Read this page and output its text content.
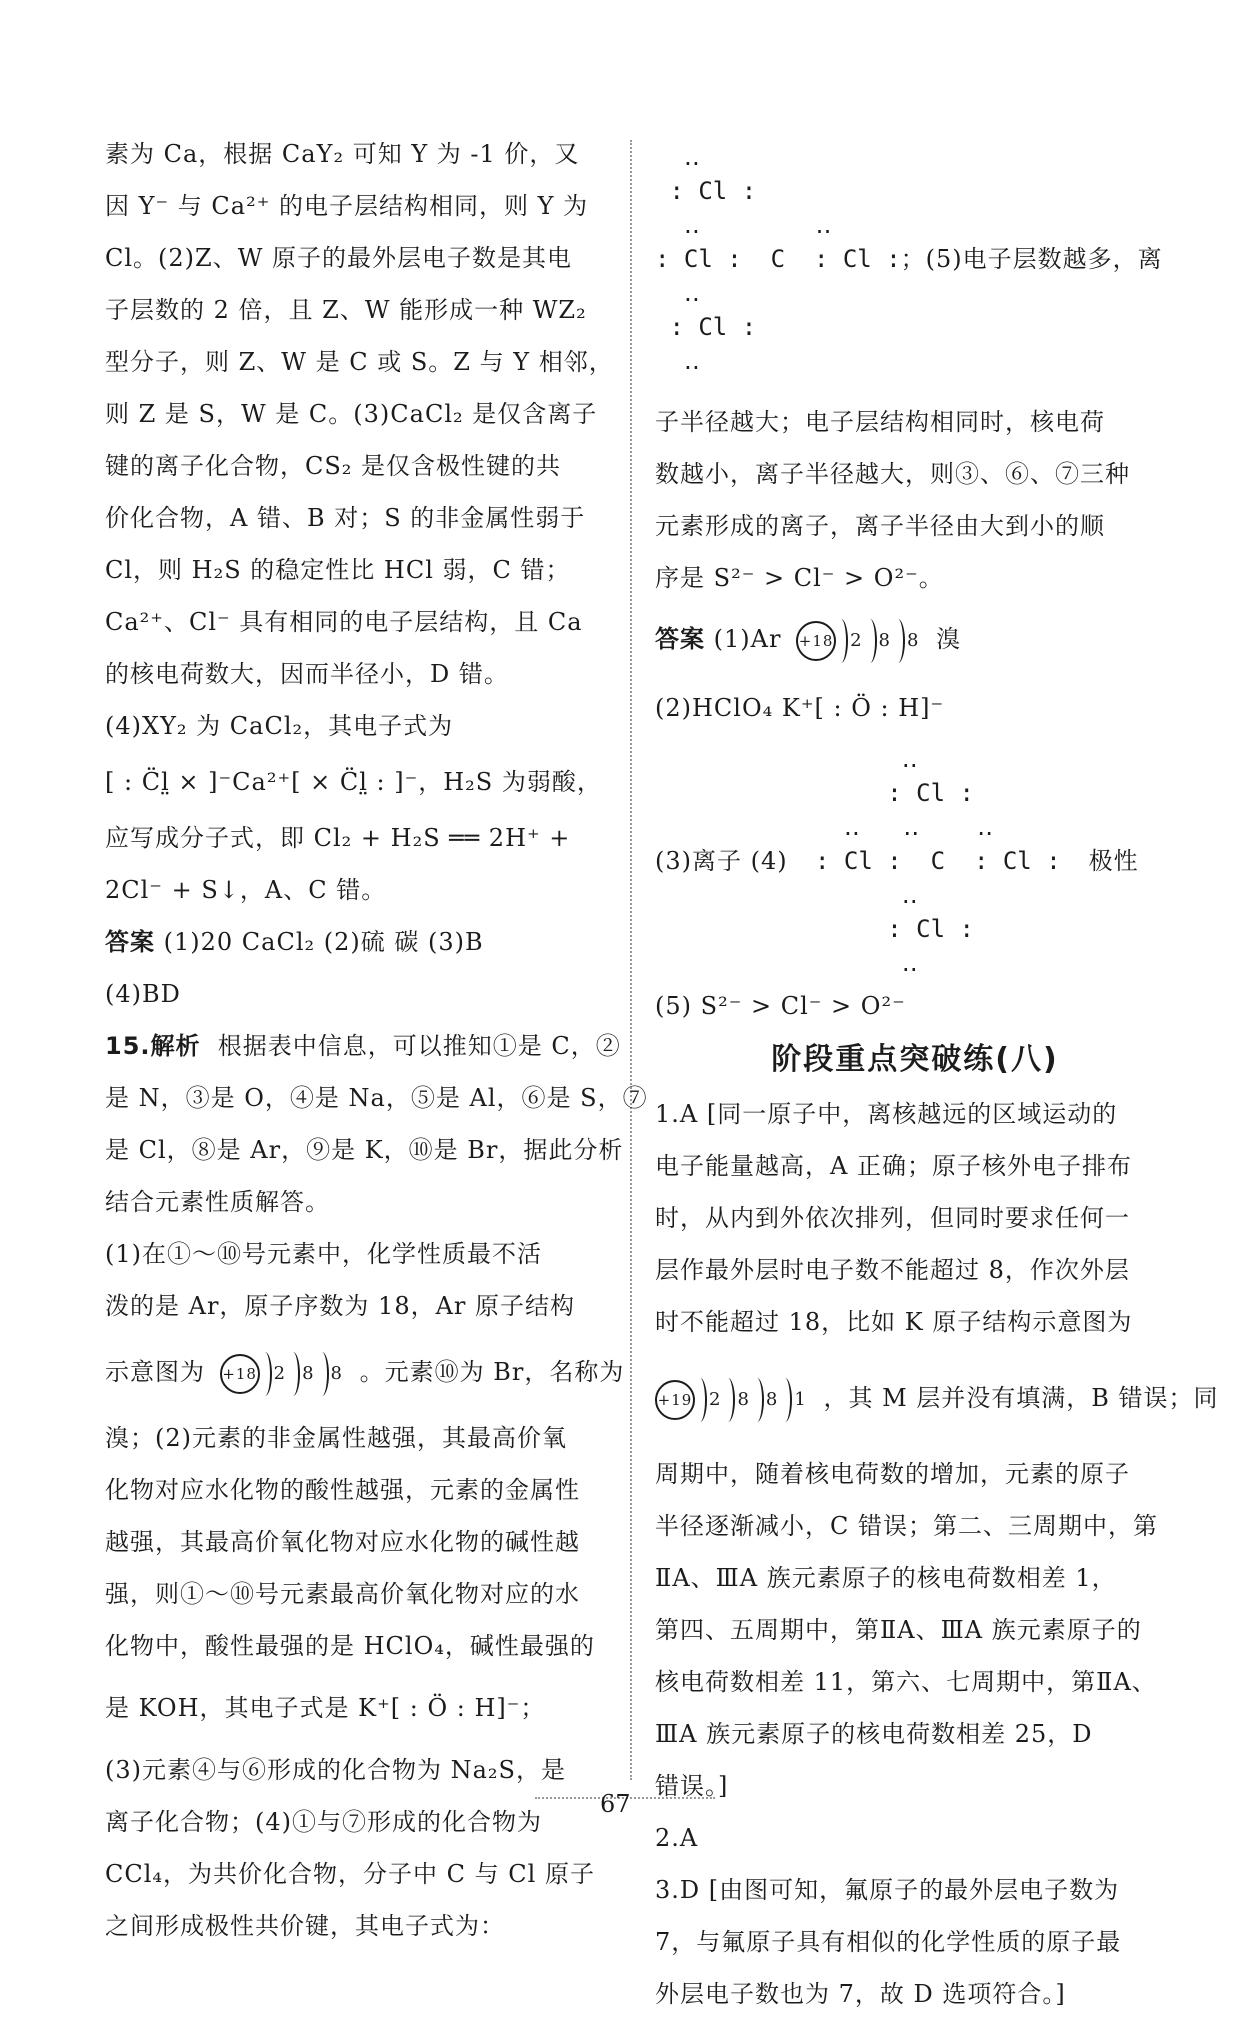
素为 Ca，根据 CaY₂ 可知 Y 为 -1 价，又
因 Y⁻ 与 Ca²⁺ 的电子层结构相同，则 Y 为
Cl。(2)Z、W 原子的最外层电子数是其电
子层数的 2 倍，且 Z、W 能形成一种 WZ₂
型分子，则 Z、W 是 C 或 S。Z 与 Y 相邻，
则 Z 是 S，W 是 C。(3)CaCl₂ 是仅含离子
键的离子化合物，CS₂ 是仅含极性键的共
价化合物，A 错、B 对；S 的非金属性弱于
Cl，则 H₂S 的稳定性比 HCl 弱，C 错；
Ca²⁺、Cl⁻ 具有相同的电子层结构，且 Ca
的核电荷数大，因而半径小，D 错。
(4)XY₂ 为 CaCl₂，其电子式为
[ : C̈l̤ × ]⁻Ca²⁺[ × C̈l̤ : ]⁻，H₂S 为弱酸，
应写成分子式，即 Cl₂ + H₂S ══ 2H⁺ +
2Cl⁻ + S↓，A、C 错。
答案 (1)20 CaCl₂ (2)硫 碳 (3)B
(4)BD
15.解析 根据表中信息，可以推知①是 C，②
是 N，③是 O，④是 Na，⑤是 Al，⑥是 S，⑦
是 Cl，⑧是 Ar，⑨是 K，⑩是 Br，据此分析
结合元素性质解答。
(1)在①～⑩号元素中，化学性质最不活
泼的是 Ar，原子序数为 18，Ar 原子结构
示意图为 +18 2 8 8 。元素⑩为 Br，名称为
溴；(2)元素的非金属性越强，其最高价氧
化物对应水化物的酸性越强，元素的金属性
越强，其最高价氧化物对应水化物的碱性越
强，则①～⑩号元素最高价氧化物对应的水
化物中，酸性最强的是 HClO₄，碱性最强的
是 KOH，其电子式是 K⁺[ : Ö : H]⁻；
(3)元素④与⑥形成的化合物为 Na₂S，是
离子化合物；(4)①与⑦形成的化合物为
CCl₄，为共价化合物，分子中 C 与 Cl 原子
之间形成极性共价键，其电子式为：
‥
: Cl :
‥        ‥
: Cl :  C  : Cl : ；(5)电子层数越多，离
‥
: Cl :
‥
子半径越大；电子层结构相同时，核电荷
数越小，离子半径越大，则③、⑥、⑦三种
元素形成的离子，离子半径由大到小的顺
序是 S²⁻ > Cl⁻ > O²⁻。
答案 (1)Ar +18 2 8 8 溴
(2)HClO₄ K⁺[ : Ö : H]⁻
(3)离子 (4)
‥
: Cl :
‥   ‥    ‥
: Cl :  C  : Cl :
‥
: Cl :
‥
极性
(5) S²⁻ > Cl⁻ > O²⁻
阶段重点突破练(八)
1.A [同一原子中，离核越远的区域运动的
电子能量越高，A 正确；原子核外电子排布
时，从内到外依次排列，但同时要求任何一
层作最外层时电子数不能超过 8，作次外层
时不能超过 18，比如 K 原子结构示意图为
+19 2 8 8 1 ，其 M 层并没有填满，B 错误；同
周期中，随着核电荷数的增加，元素的原子
半径逐渐减小，C 错误；第二、三周期中，第
ⅡA、ⅢA 族元素原子的核电荷数相差 1，
第四、五周期中，第ⅡA、ⅢA 族元素原子的
核电荷数相差 11，第六、七周期中，第ⅡA、
ⅢA 族元素原子的核电荷数相差 25，D
错误。]
2.A
3.D [由图可知，氟原子的最外层电子数为
7，与氟原子具有相似的化学性质的原子最
外层电子数也为 7，故 D 选项符合。]
67
